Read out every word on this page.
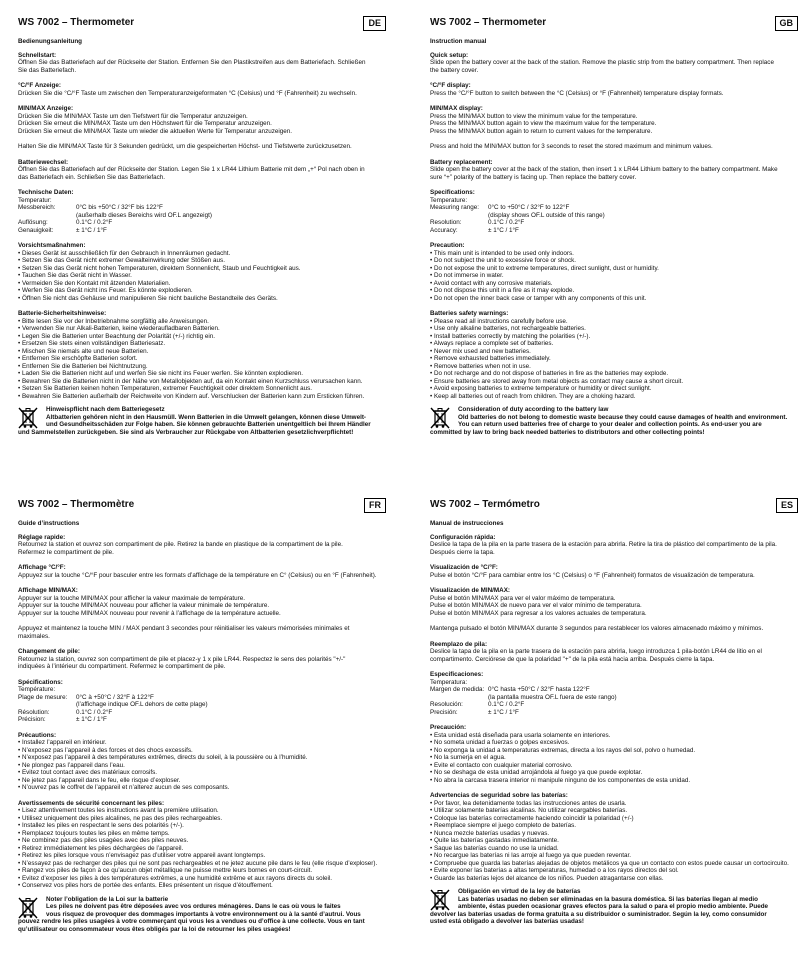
WS 7002 – Thermometer	DE
Bedienungsanleitung
Schnellstart:
Öffnen Sie das Batteriefach auf der Rückseite der Station. Entfernen Sie den Plastikstreifen aus dem Batteriefach. Schließen
Sie das Batteriefach.
°C/°F Anzeige:
Drücken Sie die °C/°F Taste um zwischen den Temperaturanzeigeformaten °C (Celsius) und °F (Fahrenheit) zu wechseln.
MIN/MAX Anzeige:
Drücken Sie die MIN/MAX Taste um den Tiefstwert für die Temperatur anzuzeigen.
Drücken Sie erneut die MIN/MAX Taste um den Höchstwert für die Temperatur anzuzeigen.
Drücken Sie erneut die MIN/MAX Taste um wieder die aktuellen Werte für Temperatur anzuzeigen.
Halten Sie die MIN/MAX Taste für 3 Sekunden gedrückt, um die gespeicherten Höchst- und Tiefstwerte zurückzusetzen.
Batteriewechsel:
Öffnen Sie das Batteriefach auf der Rückseite der Station. Legen Sie 1 x LR44 Lithium Batterie mit dem „+“ Pol nach oben in
das Batteriefach ein. Schließen Sie das Batteriefach.
Technische Daten:
Temperatur:
Messbereich:	0°C bis +50°C / 32°F bis 122°F
(außerhalb dieses Bereichs wird OF.L angezeigt)
Auflösung:	0.1°C / 0.2°F
Genauigkeit:	± 1°C / 1°F
Vorsichtsmaßnahmen:
• Dieses Gerät ist ausschließlich für den Gebrauch in Innenräumen gedacht.
• Setzen Sie das Gerät nicht extremer Gewalteinwirkung oder Stößen aus.
• Setzen Sie das Gerät nicht hohen Temperaturen, direktem Sonnenlicht, Staub und Feuchtigkeit aus.
• Tauchen Sie das Gerät nicht in Wasser.
• Vermeiden Sie den Kontakt mit ätzenden Materialien.
• Werfen Sie das Gerät nicht ins Feuer. Es könnte explodieren.
• Öffnen Sie nicht das Gehäuse und manipulieren Sie nicht bauliche Bestandteile des Geräts.
Batterie-Sicherheitshinweise:
• Bitte lesen Sie vor der Inbetriebnahme sorgfältig alle Anweisungen.
• Verwenden Sie nur Alkali-Batterien, keine wiederaufladbaren Batterien.
• Legen Sie die Batterien unter Beachtung der Polarität (+/-) richtig ein.
• Ersetzen Sie stets einen vollständigen Batteriesatz.
• Mischen Sie niemals alte und neue Batterien.
• Entfernen Sie erschöpfte Batterien sofort.
• Entfernen Sie die Batterien bei Nichtnutzung.
• Laden Sie die Batterien nicht auf und werfen Sie sie nicht ins Feuer werfen. Sie könnten explodieren.
• Bewahren Sie die Batterien nicht in der Nähe von Metallobjekten auf, da ein Kontakt einen Kurzschluss verursachen kann.
• Setzen Sie Batterien keinen hohen Temperaturen, extremer Feuchtigkeit oder direktem Sonnenlicht aus.
• Bewahren Sie Batterien außerhalb der Reichweite von Kindern auf. Verschlucken der Batterien kann zum Ersticken führen.
Hinweispflicht nach dem Batteriegesetz
Altbatterien gehören nicht in den Hausmüll. Wenn Batterien in die Umwelt gelangen, können diese Umwelt-
und Gesundheitsschäden zur Folge haben. Sie können gebrauchte Batterien unentgeltlich bei Ihrem Händler
und Sammelstellen zurückgeben. Sie sind als Verbraucher zur Rückgabe von Altbatterien gesetzlichverpflichtet!
WS 7002 – Thermometer	GB
Instruction manual
Quick setup:
Slide open the battery cover at the back of the station. Remove the plastic strip from the battery compartment. Then replace
the battery cover.
°C/°F display:
Press the °C/°F button to switch between the °C (Celsius) or °F (Fahrenheit) temperature display formats.
MIN/MAX display:
Press the MIN/MAX button to view the minimum value for the temperature.
Press the MIN/MAX button again to view the maximum value for the temperature.
Press the MIN/MAX button again to return to current values for the temperature.
Press and hold the MIN/MAX button for 3 seconds to reset the stored maximum and minimum values.
Battery replacement:
Slide open the battery cover at the back of the station, then insert 1 x LR44 Lithium battery to the battery compartment. Make
sure “+” polarity of the battery is facing up. Then replace the battery cover.
Specifications:
Temperature:
Measuring range:	0°C to +50°C / 32°F to 122°F
(display shows OF.L outside of this range)
Resolution:	0.1°C / 0.2°F
Accuracy:	± 1°C / 1°F
Precaution:
• This main unit is intended to be used only indoors.
• Do not subject the unit to excessive force or shock.
• Do not expose the unit to extreme temperatures, direct sunlight, dust or humidity.
• Do not immerse in water.
• Avoid contact with any corrosive materials.
• Do not dispose this unit in a fire as it may explode.
• Do not open the inner back case or tamper with any components of this unit.
Batteries safety warnings:
• Please read all instructions carefully before use.
• Use only alkaline batteries, not rechargeable batteries.
• Install batteries correctly by matching the polarities (+/-).
• Always replace a complete set of batteries.
• Never mix used and new batteries.
• Remove exhausted batteries immediately.
• Remove batteries when not in use.
• Do not recharge and do not dispose of batteries in fire as the batteries may explode.
• Ensure batteries are stored away from metal objects as contact may cause a short circuit.
• Avoid exposing batteries to extreme temperature or humidity or direct sunlight.
• Keep all batteries out of reach from children. They are a choking hazard.
Consideration of duty according to the battery law
Old batteries do not belong to domestic waste because they could cause damages of health and environment.
You can return used batteries free of charge to your dealer and collection points. As end-user you are
committed by law to bring back needed batteries to distributors and other collecting points!
WS 7002 – Thermomètre	FR
Guide d’instructions
Réglage rapide:
Retournez la station et ouvrez son compartiment de pile. Retirez la bande en plastique de la compartiment de la pile.
Refermez le compartiment de pile.
Affichage °C/°F:
Appuyez sur la touche °C/°F pour basculer entre les formats d’affichage de la température en C° (Celsius) ou en °F (Fahrenheit).
Affichage MIN/MAX:
Appuyer sur la touche MIN/MAX pour afficher la valeur maximale de température.
Appuyer sur la touche MIN/MAX nouveau pour afficher la valeur minimale de température.
Appuyer sur la touche MIN/MAX nouveau pour revenir à l’affichage de la température actuelle.
Appuyez et maintenez la touche MIN / MAX pendant 3 secondes pour réinitialiser les valeurs mémorisées minimales et
maximales.
Changement de pile:
Retournez la station, ouvrez son compartiment de pile et placez-y 1 x pile LR44. Respectez le sens des polarités "+/-"
indiquées à l’intérieur du compartiment. Refermez le compartiment de pile.
Spécifications:
Température:
Plage de mesure:	0°C à +50°C / 32°F à 122°F
(l’affichage indique OF.L dehors de cette plage)
Résolution:	0.1°C / 0.2°F
Précision:	± 1°C / 1°F
Précautions:
• Installez l’appareil en intérieur.
• N’exposez pas l’appareil à des forces et des chocs excessifs.
• N’exposez pas l’appareil à des températures extrêmes, directs du soleil, à la poussière ou à l’humidité.
• Ne plongez pas l’appareil dans l’eau.
• Evitez tout contact avec des matériaux corrosifs.
• Ne jetez pas l’appareil dans le feu, elle risque d’exploser.
• N’ouvrez pas le coffret de l’appareil et n’alterez aucun de ses composants.
Avertissements de sécurité concernant les piles:
• Lisez attentivement toutes les instructions avant la première utilisation.
• Utilisez uniquement des piles alcalines, ne pas des piles rechargeables.
• Installez les piles en respectant le sens des polarités (+/-).
• Remplacez toujours toutes les piles en même temps.
• Ne combinez pas des piles usagées avec des piles neuves.
• Retirez immédiatement les piles déchargées de l’appareil.
• Retirez les piles lorsque vous n’envisagez pas d’utiliser votre appareil avant longtemps.
• N’essayez pas de recharger des piles qui ne sont pas rechargeables et ne jetez aucune pile dans le feu (elle risque d’exploser).
• Rangez vos piles de façon à ce qu’aucun objet métallique ne puisse mettre leurs bornes en court-circuit.
• Evitez d’exposer les piles à des températures extrêmes, a une humidité extrême et aux rayons directs du soleil.
• Conservez vos piles hors de portée des enfants. Elles présentent un risque d’étouffement.
Noter l’obligation de la Loi sur la batterie
Les piles ne doivent pas être déposées avec vos ordures ménagères. Dans le cas où vous le faites
vous risquez de provoquer des dommages importants à votre environnement ou à la santé d’autrui. Vous
pouvez rendre les piles usagées à votre commerçant qui vous les a vendues ou d’office à une collecte. Vous en tant
qu’utilisateur ou consommateur vous êtes obligés par la loi de retourner les piles usagées!
WS 7002 – Termómetro	ES
Manual de instrucciones
Configuración rápida:
Deslice la tapa de la pila en la parte trasera de la estación para abrirla. Retire la tira de plástico del compartimento de la pila.
Después cierre la tapa.
Visualización de °C/°F:
Pulse el botón °C/°F para cambiar entre los °C (Celsius) o °F (Fahrenheit) formatos de visualización de temperatura.
Visualización de MIN/MAX:
Pulse el botón MIN/MAX para ver el valor máximo de temperatura.
Pulse el botón MIN/MAX de nuevo para ver el valor mínimo de temperatura.
Pulse el botón MIN/MAX para regresar a los valores actuales de temperatura.
Mantenga pulsado el botón MIN/MAX durante 3 segundos para restablecer los valores almacenado máximo y mínimos.
Reemplazo de pila:
Deslice la tapa de la pila en la parte trasera de la estación para abrirla, luego introduzca 1 pila-botón LR44 de litio en el
compartimento. Cerciórese de que la polaridad "+" de la pila está hacia arriba. Después cierre la tapa.
Especificaciones:
Temperatura:
Margen de medida: 0°C hasta +50°C / 32°F hasta 122°F
(la pantalla muestra OF.L fuera de este rango)
Resolución:	0.1°C / 0.2°F
Precisión:	± 1°C / 1°F
Precaución:
• Esta unidad está diseñada para usarla solamente en interiores.
• No someta unidad a fuerzas o golpes excesivos.
• No exponga la unidad a temperaturas extremas, directa a los rayos del sol, polvo o humedad.
• No la sumerja en el agua.
• Evite el contacto con cualquier material corrosivo.
• No se deshaga de esta unidad arrojándola al fuego ya que puede explotar.
• No abra la carcasa trasera interior ni manipule ninguno de los componentes de esta unidad.
Advertencias de seguridad sobre las baterías:
• Por favor, lea detenidamente todas las instrucciones antes de usarla.
• Utilizar solamente baterías alcalinas. No utilizar recargables baterías.
• Coloque las baterías correctamente haciendo coincidir la polaridad (+/-)
• Reemplace siempre el juego completo de baterías.
• Nunca mezcle baterías usadas y nuevas.
• Quite las baterías gastadas inmediatamente.
• Saque las baterías cuando no use la unidad.
• No recargue las baterías ni las arroje al fuego ya que pueden reventar.
• Compruebe que guarda las baterías alejadas de objetos metálicos ya que un contacto con estos puede causar un cortocircuito.
• Evite exponer las baterías a altas temperaturas, humedad o a los rayos directos del sol.
• Guarde las baterías lejos del alcance de los niños. Pueden atragantarse con ellas.
Obligación en virtud de la ley de baterías
Las baterías usadas no deben ser eliminadas en la basura doméstica. Si las baterías llegan al medio
ambiente, éstas pueden ocasionar graves efectos para la salud o para el propio medio ambiente. Puede
devolver las baterías usadas de forma gratuita a su distribuidor o suministrador. Según la ley, como consumidor
usted está obligado a devolver las baterías usadas!
